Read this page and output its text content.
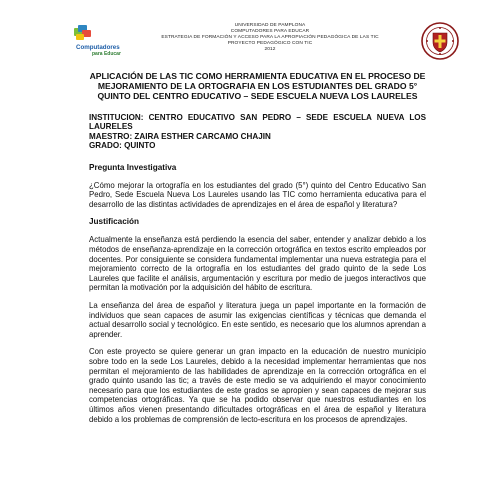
Computadores
para Educar
UNIVERSIDAD DE PAMPLONA
COMPUTADORES PARA EDUCAR
ESTRATEGIA DE FORMACIÓN Y ACCESO PARA LA APROPIACIÓN PEDAGÓGICA DE LAS TIC
PROYECTO PEDAGÓGICO CON TIC
2012
APLICACIÓN DE LAS TIC COMO HERRAMIENTA EDUCATIVA EN EL PROCESO DE MEJORAMIENTO DE LA ORTOGRAFIA EN LOS ESTUDIANTES DEL GRADO 5° QUINTO DEL CENTRO EDUCATIVO – SEDE ESCUELA NUEVA LOS LAURELES
INSTITUCION: CENTRO EDUCATIVO SAN PEDRO – SEDE ESCUELA NUEVA LOS LAURELES
MAESTRO: ZAIRA ESTHER CARCAMO CHAJIN
GRADO: QUINTO
Pregunta Investigativa
¿Cómo mejorar la ortografía en los estudiantes del grado (5°) quinto del Centro Educativo San Pedro, Sede Escuela Nueva Los Laureles usando las TIC como herramienta educativa para el desarrollo de las distintas actividades de aprendizajes en el área de español y literatura?
Justificación
Actualmente la enseñanza está perdiendo la esencia del saber, entender y analizar debido a los métodos de enseñanza-aprendizaje en la corrección ortográfica en textos escrito empleados por docentes. Por consiguiente se considera fundamental implementar una nueva estrategia para el mejoramiento correcto de la ortografía en los estudiantes del grado quinto de la sede Los Laureles que facilite el análisis, argumentación y escritura por medio de juegos interactivos que permitan la motivación por la adquisición del hábito de escritura.
La enseñanza del área de español y literatura juega un papel importante en la formación de individuos que sean capaces de asumir las exigencias científicas y técnicas que demanda el actual desarrollo social y tecnológico. En este sentido, es necesario que los alumnos aprendan a aprender.
Con este proyecto se quiere generar un gran impacto en la educación de nuestro municipio sobre todo en la sede Los Laureles, debido a la necesidad implementar herramientas que nos permitan el mejoramiento de las habilidades de aprendizaje en la corrección ortográfica en el grado quinto usando las tic; a través de este medio se va adquiriendo el mayor conocimiento necesario para que los estudiantes de este grados se apropien y sean capaces de mejorar sus competencias ortográficas. Ya que se ha podido observar que nuestros estudiantes en los últimos años vienen presentando dificultades ortográficas en el área de español y literatura debido a los problemas de comprensión de lecto-escritura en los procesos de aprendizajes.
